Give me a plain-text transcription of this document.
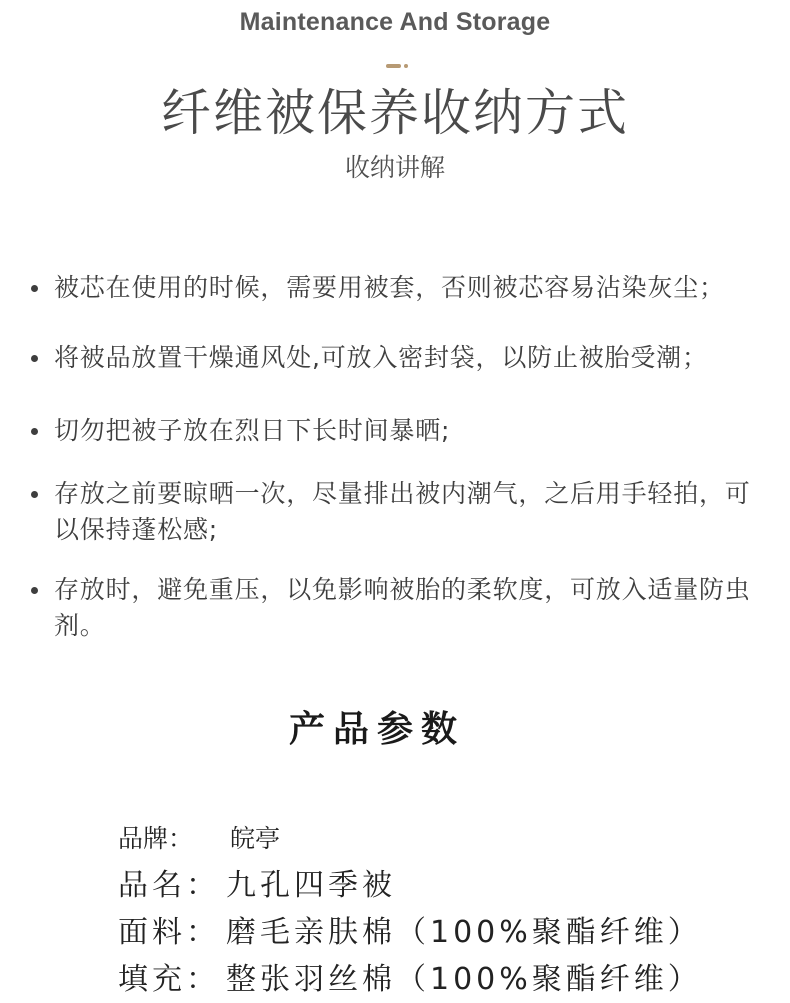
Maintenance And Storage
纤维被保养收纳方式
收纳讲解
被芯在使用的时候，需要用被套，否则被芯容易沾染灰尘；
将被品放置干燥通风处,可放入密封袋，以防止被胎受潮；
切勿把被子放在烈日下长时间暴晒;
存放之前要晾晒一次，尽量排出被内潮气，之后用手轻拍，可以保持蓬松感;
存放时，避免重压，以免影响被胎的柔软度，可放入适量防虫剂。
产品参数
品牌：	皖亭
品名： 九孔四季被
面料： 磨毛亲肤棉（100%聚酯纤维）
填充： 整张羽丝棉（100%聚酯纤维）
